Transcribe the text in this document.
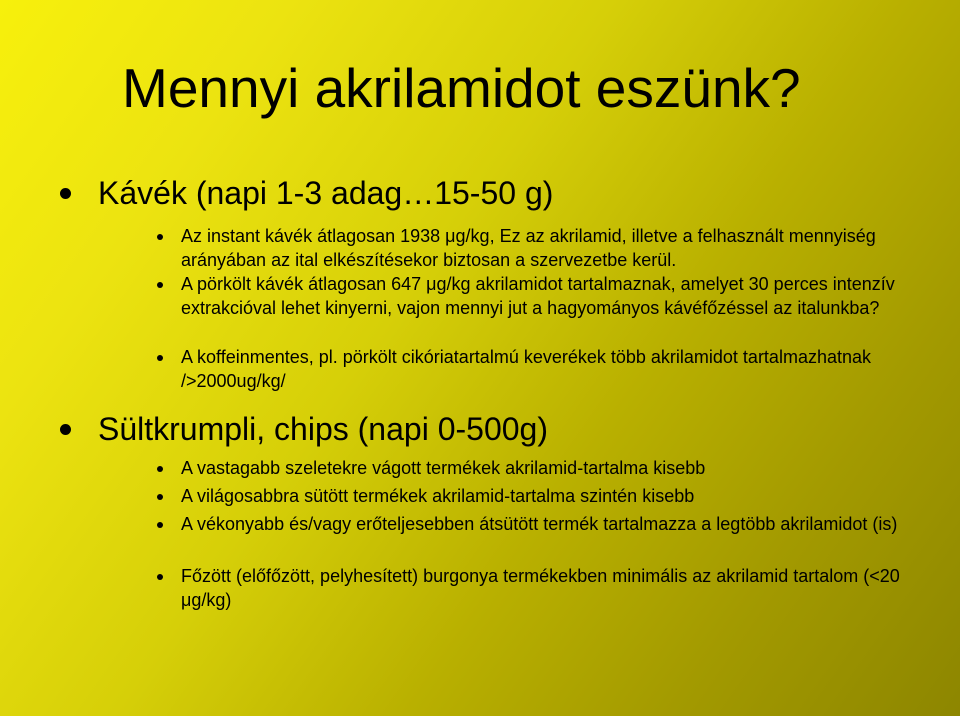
Mennyi akrilamidot eszünk?
Kávék (napi 1-3 adag…15-50 g)
Az instant kávék átlagosan 1938 μg/kg, Ez az akrilamid, illetve a felhasznált mennyiség arányában az ital elkészítésekor biztosan a szervezetbe kerül.
A pörkölt kávék átlagosan 647 μg/kg akrilamidot tartalmaznak, amelyet 30 perces intenzív extrakcióval lehet kinyerni, vajon mennyi jut a hagyományos kávéfőzéssel az italunkba?
A koffeinmentes, pl. pörkölt cikóriatartalmú keverékek több akrilamidot tartalmazhatnak />2000ug/kg/
Sültkrumpli, chips (napi 0-500g)
A vastagabb szeletekre vágott termékek akrilamid-tartalma kisebb
A világosabbra sütött termékek akrilamid-tartalma szintén kisebb
A vékonyabb és/vagy erőteljesebben átsütött termék tartalmazza a legtöbb akrilamidot (is)
Főzött (előfőzött, pelyhesített) burgonya termékekben minimális az akrilamid tartalom (<20 μg/kg)
